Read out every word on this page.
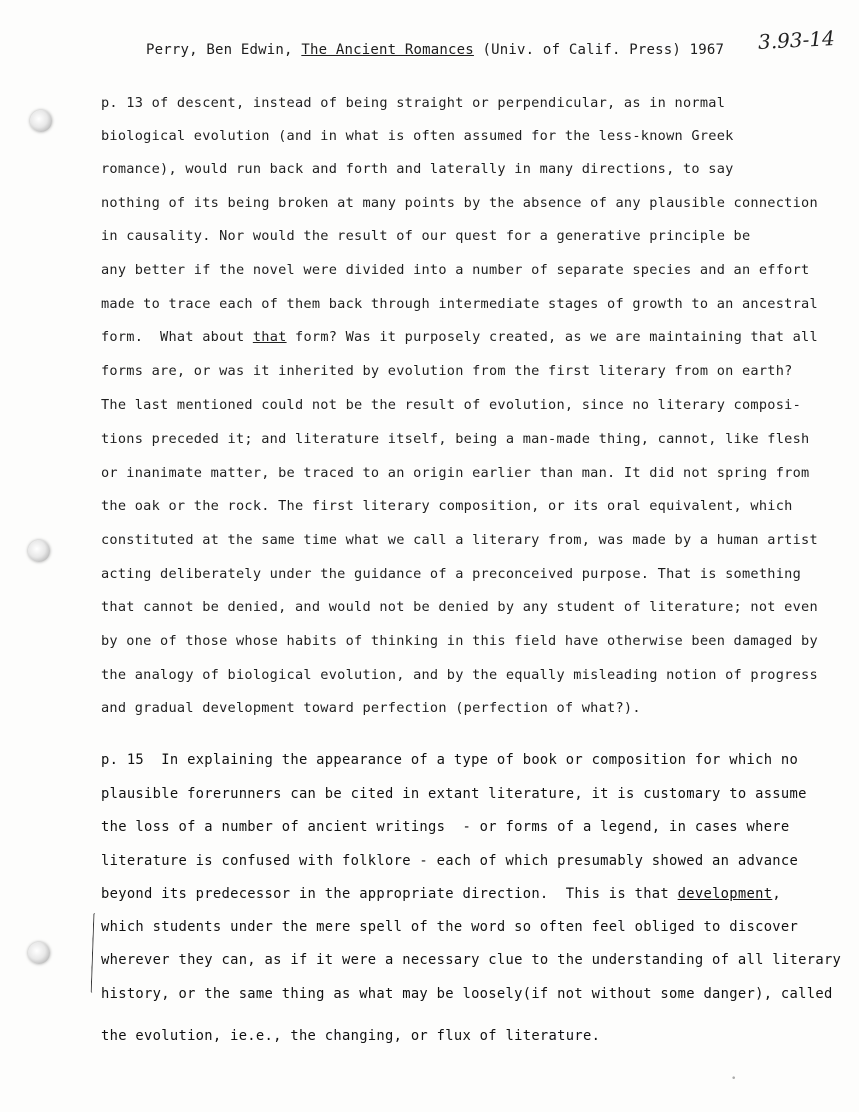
Perry, Ben Edwin, The Ancient Romances (Univ. of Calif. Press) 1967 3.93-14
p. 13 of descent, instead of being straight or perpendicular, as in normal
biological evolution (and in what is often assumed for the less-known Greek
romance), would run back and forth and laterally in many directions, to say
nothing of its being broken at many points by the absence of any plausible connection
in causality. Nor would the result of our quest for a generative principle be
any better if the novel were divided into a number of separate species and an effort
made to trace each of them back through intermediate stages of growth to an ancestral
form.  What about that form? Was it purposely created, as we are maintaining that all
forms are, or was it inherited by evolution from the first literary from on earth?
The last mentioned could not be the result of evolution, since no literary composi-
tions preceded it; and literature itself, being a man-made thing, cannot, like flesh
or inanimate matter, be traced to an origin earlier than man. It did not spring from
the oak or the rock. The first literary composition, or its oral equivalent, which
constituted at the same time what we call a literary from, was made by a human artist
acting deliberately under the guidance of a preconceived purpose. That is something
that cannot be denied, and would not be denied by any student of literature; not even
by one of those whose habits of thinking in this field have otherwise been damaged by
the analogy of biological evolution, and by the equally misleading notion of progress
and gradual development toward perfection (perfection of what?).
p. 15  In explaining the appearance of a type of book or composition for which no
plausible forerunners can be cited in extant literature, it is customary to assume
the loss of a number of ancient writings  - or forms of a legend, in cases where
literature is confused with folklore - each of which presumably showed an advance
beyond its predecessor in the appropriate direction.  This is that development,
which students under the mere spell of the word so often feel obliged to discover
wherever they can, as if it were a necessary clue to the understanding of all literary
history, or the same thing as what may be loosely(if not without some danger), called
the evolution, ie.e., the changing, or flux of literature.
•
